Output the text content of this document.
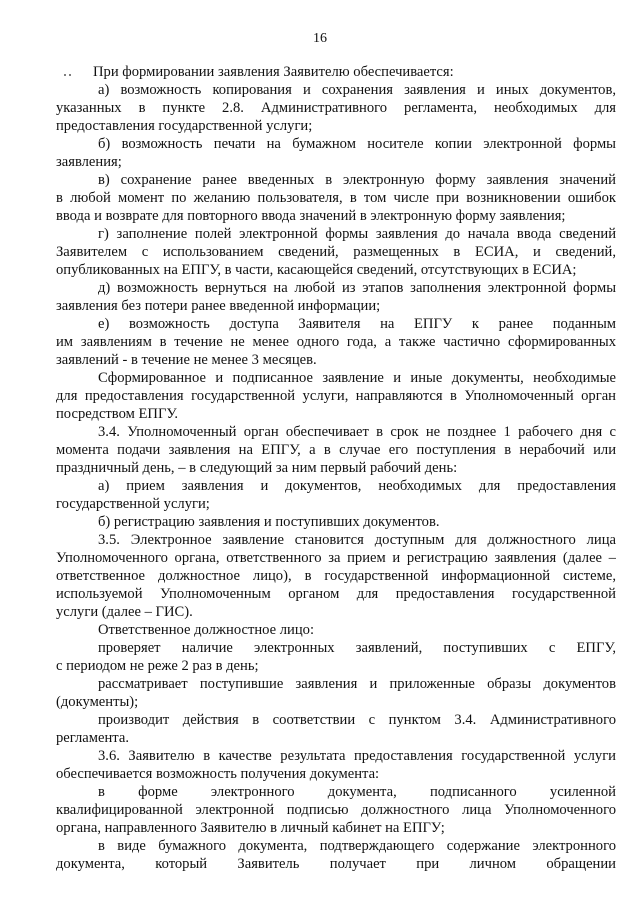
16
При формировании заявления Заявителю обеспечивается:
а) возможность копирования и сохранения заявления и иных документов,
указанных в пункте 2.8. Административного регламента, необходимых для
предоставления государственной услуги;
б) возможность печати на бумажном носителе копии электронной формы
заявления;
в) сохранение ранее введенных в электронную форму заявления значений
в любой момент по желанию пользователя, в том числе при возникновении ошибок
ввода и возврате для повторного ввода значений в электронную форму заявления;
г) заполнение полей электронной формы заявления до начала ввода сведений
Заявителем с использованием сведений, размещенных в ЕСИА, и сведений,
опубликованных на ЕПГУ, в части, касающейся сведений, отсутствующих в ЕСИА;
д) возможность вернуться на любой из этапов заполнения электронной формы
заявления без потери ранее введенной информации;
е) возможность доступа Заявителя на ЕПГУ к ранее поданным
им заявлениям в течение не менее одного года, а также частично сформированных
заявлений - в течение не менее 3 месяцев.
Сформированное и подписанное заявление и иные документы, необходимые
для предоставления государственной услуги, направляются в Уполномоченный орган
посредством ЕПГУ.
3.4. Уполномоченный орган обеспечивает в срок не позднее 1 рабочего дня с
момента подачи заявления на ЕПГУ, а в случае его поступления в нерабочий или
праздничный день, – в следующий за ним первый рабочий день:
а) прием заявления и документов, необходимых для предоставления
государственной услуги;
б) регистрацию заявления и поступивших документов.
3.5. Электронное заявление становится доступным для должностного лица
Уполномоченного органа, ответственного за прием и регистрацию заявления (далее –
ответственное должностное лицо), в государственной информационной системе,
используемой Уполномоченным органом для предоставления государственной
услуги (далее – ГИС).
Ответственное должностное лицо:
проверяет наличие электронных заявлений, поступивших с ЕПГУ,
с периодом не реже 2 раз в день;
рассматривает поступившие заявления и приложенные образы документов
(документы);
производит действия в соответствии с пунктом 3.4. Административного
регламента.
3.6. Заявителю в качестве результата предоставления государственной услуги
обеспечивается возможность получения документа:
в форме электронного документа, подписанного усиленной
квалифицированной электронной подписью должностного лица Уполномоченного
органа, направленного Заявителю в личный кабинет на ЕПГУ;
в виде бумажного документа, подтверждающего содержание электронного
документа, который Заявитель получает при личном обращении
